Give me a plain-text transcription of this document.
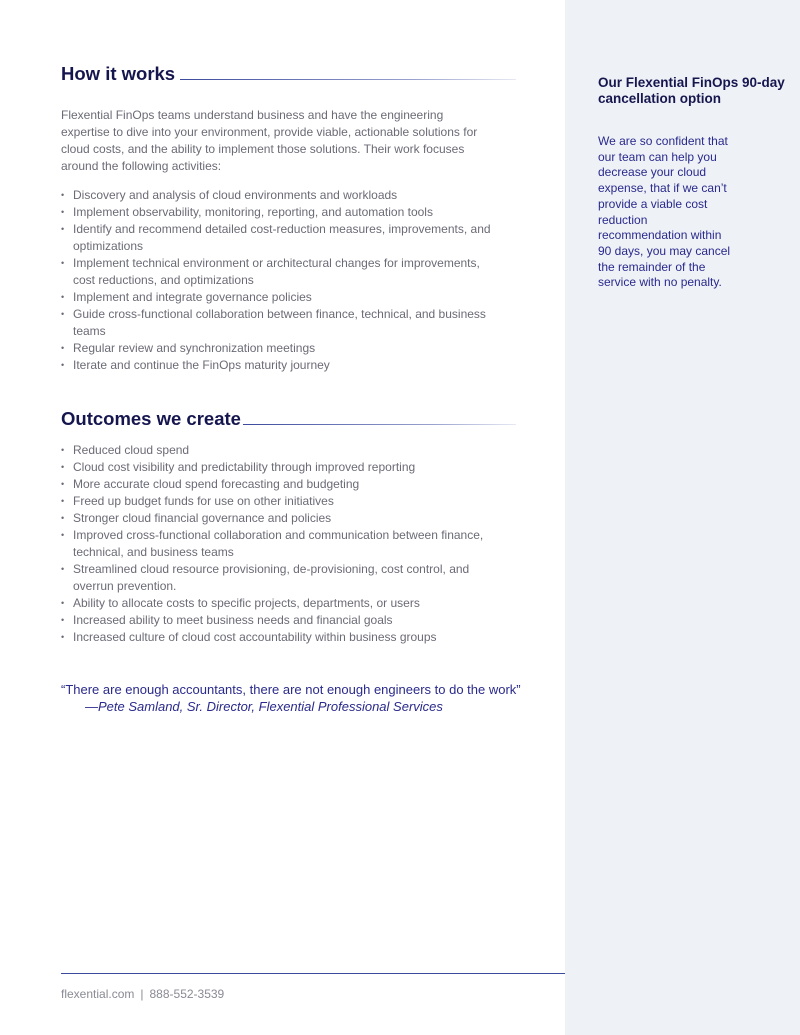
Our Flexential FinOps 90-day cancellation option

We are so confident that our team can help you decrease your cloud expense, that if we can’t provide a viable cost reduction recommendation within 90 days, you may cancel the remainder of the service with no penalty.

How it works

Flexential FinOps teams understand business and have the engineering expertise to dive into your environment, provide viable, actionable solutions for cloud costs, and the ability to implement those solutions. Their work focuses around the following activities:

• Discovery and analysis of cloud environments and workloads
• Implement observability, monitoring, reporting, and automation tools
• Identify and recommend detailed cost-reduction measures, improvements, and optimizations
• Implement technical environment or architectural changes for improvements, cost reductions, and optimizations
• Implement and integrate governance policies
• Guide cross-functional collaboration between finance, technical, and business teams
• Regular review and synchronization meetings
• Iterate and continue the FinOps maturity journey
Outcomes we create
• Reduced cloud spend
• Cloud cost visibility and predictability through improved reporting
• More accurate cloud spend forecasting and budgeting
• Freed up budget funds for use on other initiatives
• Stronger cloud financial governance and policies
• Improved cross-functional collaboration and communication between finance, technical, and business teams
• Streamlined cloud resource provisioning, de-provisioning, cost control, and overrun prevention.
• Ability to allocate costs to specific projects, departments, or users
• Increased ability to meet business needs and financial goals
• Increased culture of cloud cost accountability within business groups

“There are enough accountants, there are not enough engineers to do the work”

—Pete Samland, Sr. Director, Flexential Professional Services

flexential.com | 888-552-3539
